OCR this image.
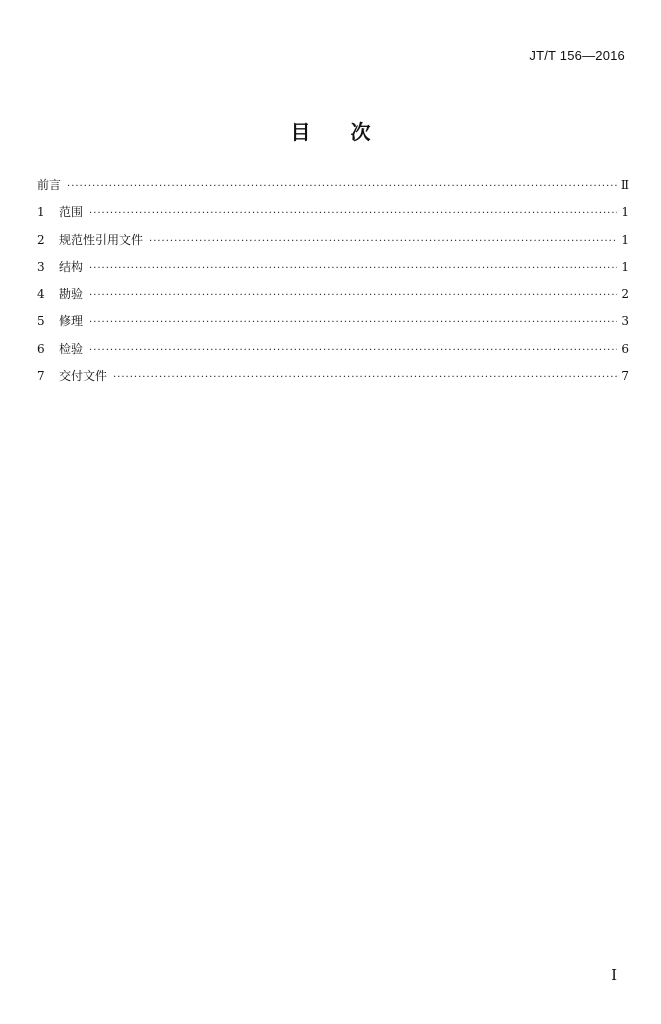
JT/T 156—2016
目 次
前言 ·····	Ⅱ
1	范围 ·····	1
2	规范性引用文件 ·····	1
3	结构 ·····	1
4	勘验 ·····	2
5	修理 ·····	3
6	检验 ·····	6
7	交付文件 ·····	7
Ⅰ
